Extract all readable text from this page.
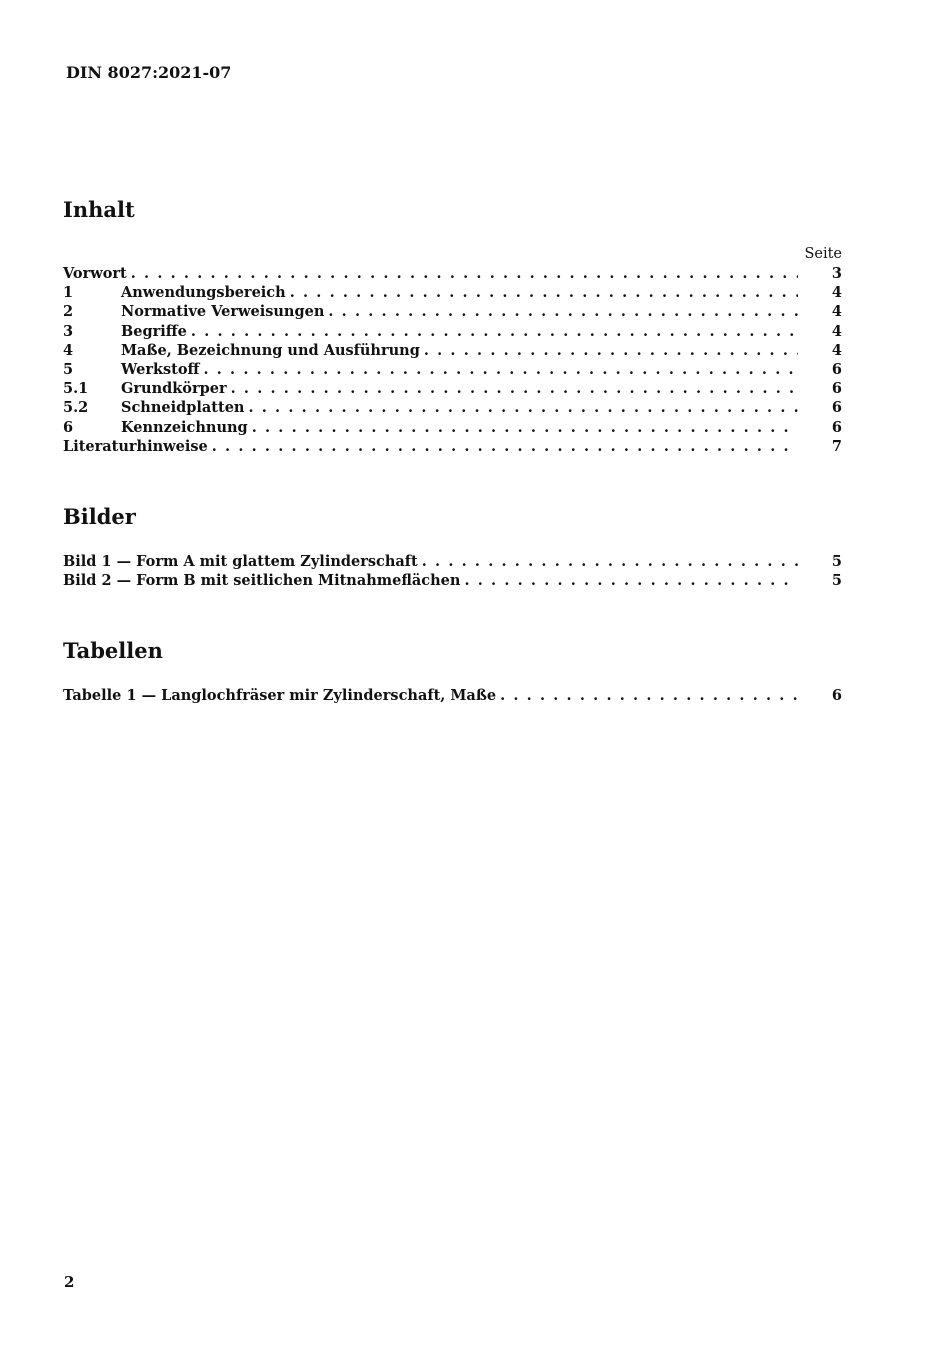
DIN 8027:2021-07
Inhalt
Seite
Vorwort . . .	3
1	Anwendungsbereich . . .	4
2	Normative Verweisungen . . .	4
3	Begriffe . . .	4
4	Maße, Bezeichnung und Ausführung . . .	4
5	Werkstoff . . .	6
5.1	Grundkörper . . .	6
5.2	Schneidplatten . . .	6
6	Kennzeichnung . . .	6
Literaturhinweise . . .	7
Bilder
Bild 1 — Form A mit glattem Zylinderschaft . . .	5
Bild 2 — Form B mit seitlichen Mitnahmeflächen . . .	5
Tabellen
Tabelle 1 — Langlochfräser mir Zylinderschaft, Maße . . .	6
2
